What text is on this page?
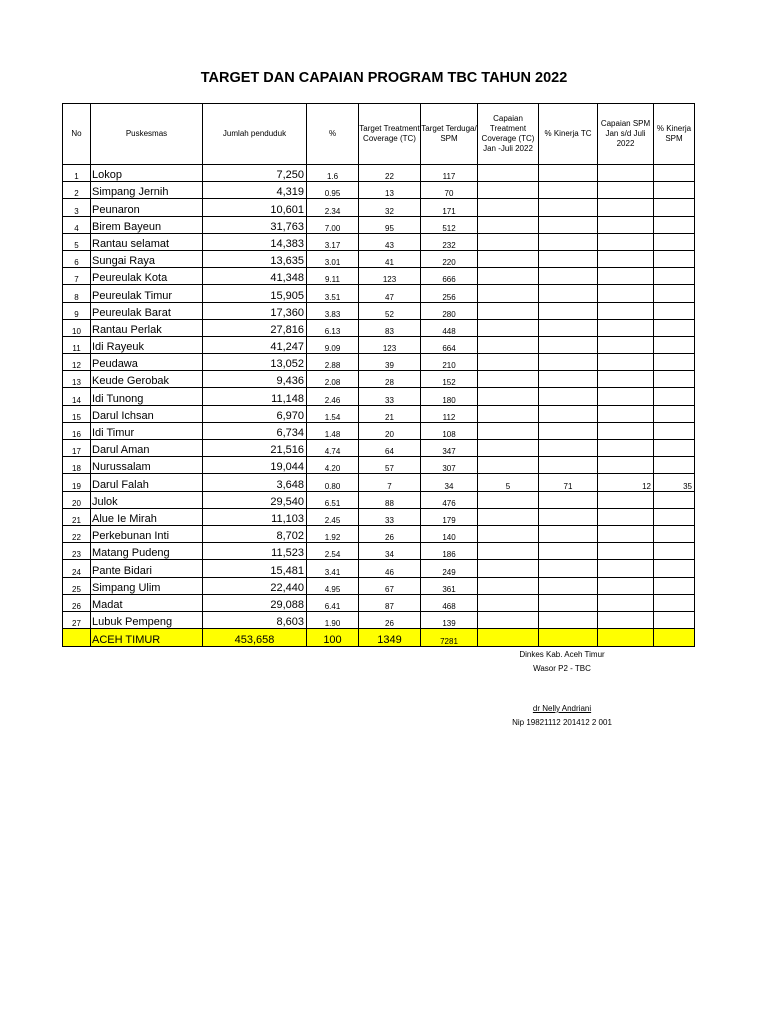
TARGET DAN CAPAIAN PROGRAM TBC TAHUN 2022
No	Puskesmas	Jumlah penduduk	%	Target Treatment Coverage (TC)	Target Terduga/ SPM	Capaian Treatment Coverage (TC) Jan -Juli 2022	% Kinerja TC	Capaian SPM Jan s/d Juli 2022	% Kinerja SPM
1	Lokop	7,250	1.6	22	117				
2	Simpang Jernih	4,319	0.95	13	70				
3	Peunaron	10,601	2.34	32	171				
4	Birem Bayeun	31,763	7.00	95	512				
5	Rantau selamat	14,383	3.17	43	232				
6	Sungai Raya	13,635	3.01	41	220				
7	Peureulak Kota	41,348	9.11	123	666				
8	Peureulak Timur	15,905	3.51	47	256				
9	Peureulak Barat	17,360	3.83	52	280				
10	Rantau Perlak	27,816	6.13	83	448				
11	Idi Rayeuk	41,247	9.09	123	664				
12	Peudawa	13,052	2.88	39	210				
13	Keude Gerobak	9,436	2.08	28	152				
14	Idi Tunong	11,148	2.46	33	180				
15	Darul Ichsan	6,970	1.54	21	112				
16	Idi Timur	6,734	1.48	20	108				
17	Darul Aman	21,516	4.74	64	347				
18	Nurussalam	19,044	4.20	57	307				
19	Darul Falah	3,648	0.80	7	34	5	71	12	35
20	Julok	29,540	6.51	88	476				
21	Alue Ie Mirah	11,103	2.45	33	179				
22	Perkebunan Inti	8,702	1.92	26	140				
23	Matang Pudeng	11,523	2.54	34	186				
24	Pante Bidari	15,481	3.41	46	249				
25	Simpang Ulim	22,440	4.95	67	361				
26	Madat	29,088	6.41	87	468				
27	Lubuk Pempeng	8,603	1.90	26	139				
	ACEH TIMUR	453,658	100	1349	7281				
Dinkes Kab. Aceh Timur
Wasor P2 - TBC
dr Nelly Andriani
Nip 19821112 201412 2 001
